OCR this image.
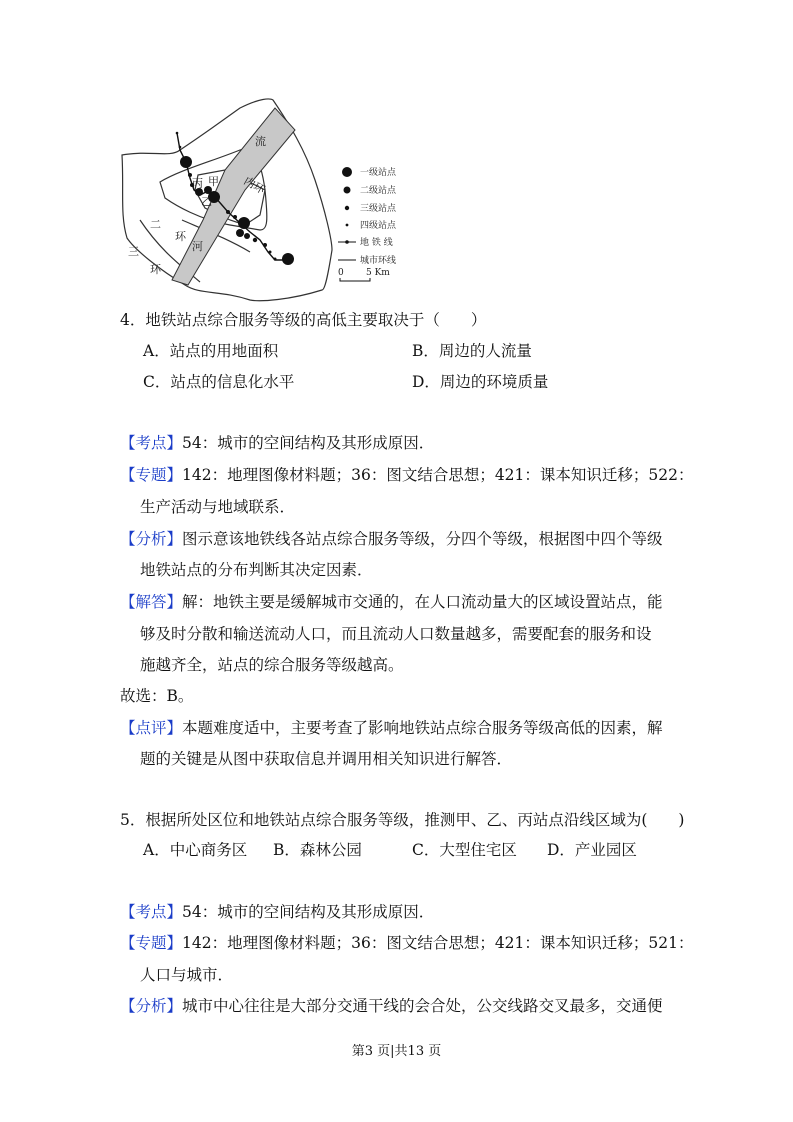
流
内环
丙 甲
乙
二
环
河
三
环
一级站点
二级站点
三级站点
四级站点
地 铁 线
城市环线
0 5 Km
4．地铁站点综合服务等级的高低主要取决于（　　）
A．站点的用地面积	B．周边的人流量
C．站点的信息化水平	D．周边的环境质量
【考点】54：城市的空间结构及其形成原因．
【专题】142：地理图像材料题；36：图文结合思想；421：课本知识迁移；522：
生产活动与地域联系．
【分析】图示意该地铁线各站点综合服务等级，分四个等级，根据图中四个等级
地铁站点的分布判断其决定因素．
【解答】解：地铁主要是缓解城市交通的，在人口流动量大的区域设置站点，能
够及时分散和输送流动人口，而且流动人口数量越多，需要配套的服务和设
施越齐全，站点的综合服务等级越高。
故选：B。
【点评】本题难度适中，主要考查了影响地铁站点综合服务等级高低的因素，解
题的关键是从图中获取信息并调用相关知识进行解答．
5．根据所处区位和地铁站点综合服务等级，推测甲、乙、丙站点沿线区域为(　　)
A．中心商务区 B．森林公园	C．大型住宅区 D．产业园区
【考点】54：城市的空间结构及其形成原因．
【专题】142：地理图像材料题；36：图文结合思想；421：课本知识迁移；521：
人口与城市．
【分析】城市中心往往是大部分交通干线的会合处，公交线路交叉最多，交通便
第3 页|共13 页
